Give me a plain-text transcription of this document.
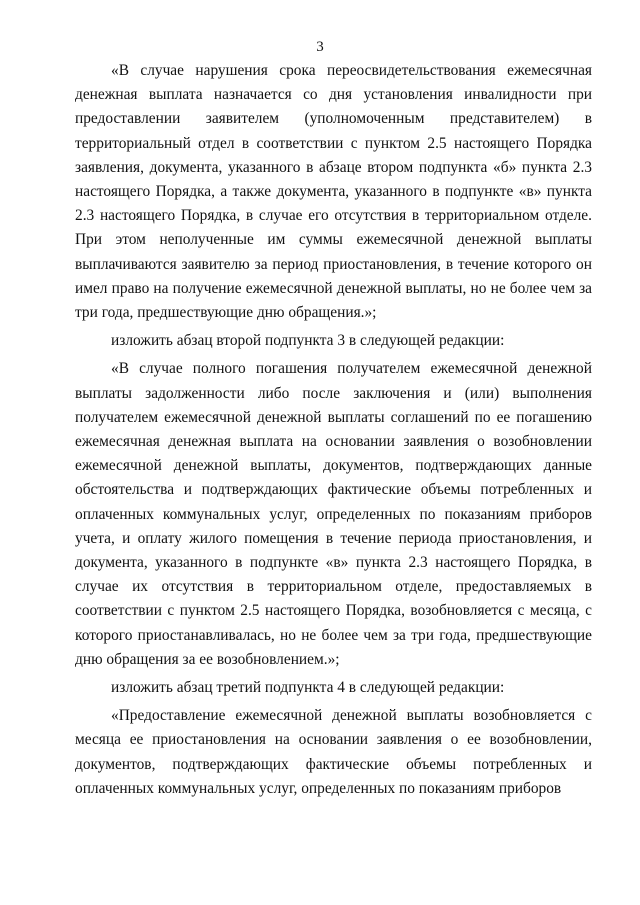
3

«В случае нарушения срока переосвидетельствования ежемесячная денежная выплата назначается со дня установления инвалидности при предоставлении заявителем (уполномоченным представителем) в территориальный отдел в соответствии с пунктом 2.5 настоящего Порядка заявления, документа, указанного в абзаце втором подпункта «б» пункта 2.3 настоящего Порядка, а также документа, указанного в подпункте «в» пункта 2.3 настоящего Порядка, в случае его отсутствия в территориальном отделе. При этом неполученные им суммы ежемесячной денежной выплаты выплачиваются заявителю за период приостановления, в течение которого он имел право на получение ежемесячной денежной выплаты, но не более чем за три года, предшествующие дню обращения.»;

изложить абзац второй подпункта 3 в следующей редакции:

«В случае полного погашения получателем ежемесячной денежной выплаты задолженности либо после заключения и (или) выполнения получателем ежемесячной денежной выплаты соглашений по ее погашению ежемесячная денежная выплата на основании заявления о возобновлении ежемесячной денежной выплаты, документов, подтверждающих данные обстоятельства и подтверждающих фактические объемы потребленных и оплаченных коммунальных услуг, определенных по показаниям приборов учета, и оплату жилого помещения в течение периода приостановления, и документа, указанного в подпункте «в» пункта 2.3 настоящего Порядка, в случае их отсутствия в территориальном отделе, предоставляемых в соответствии с пунктом 2.5 настоящего Порядка, возобновляется с месяца, с которого приостанавливалась, но не более чем за три года, предшествующие дню обращения за ее возобновлением.»;

изложить абзац третий подпункта 4 в следующей редакции:

«Предоставление ежемесячной денежной выплаты возобновляется с месяца ее приостановления на основании заявления о ее возобновлении, документов, подтверждающих фактические объемы потребленных и оплаченных коммунальных услуг, определенных по показаниям приборов
